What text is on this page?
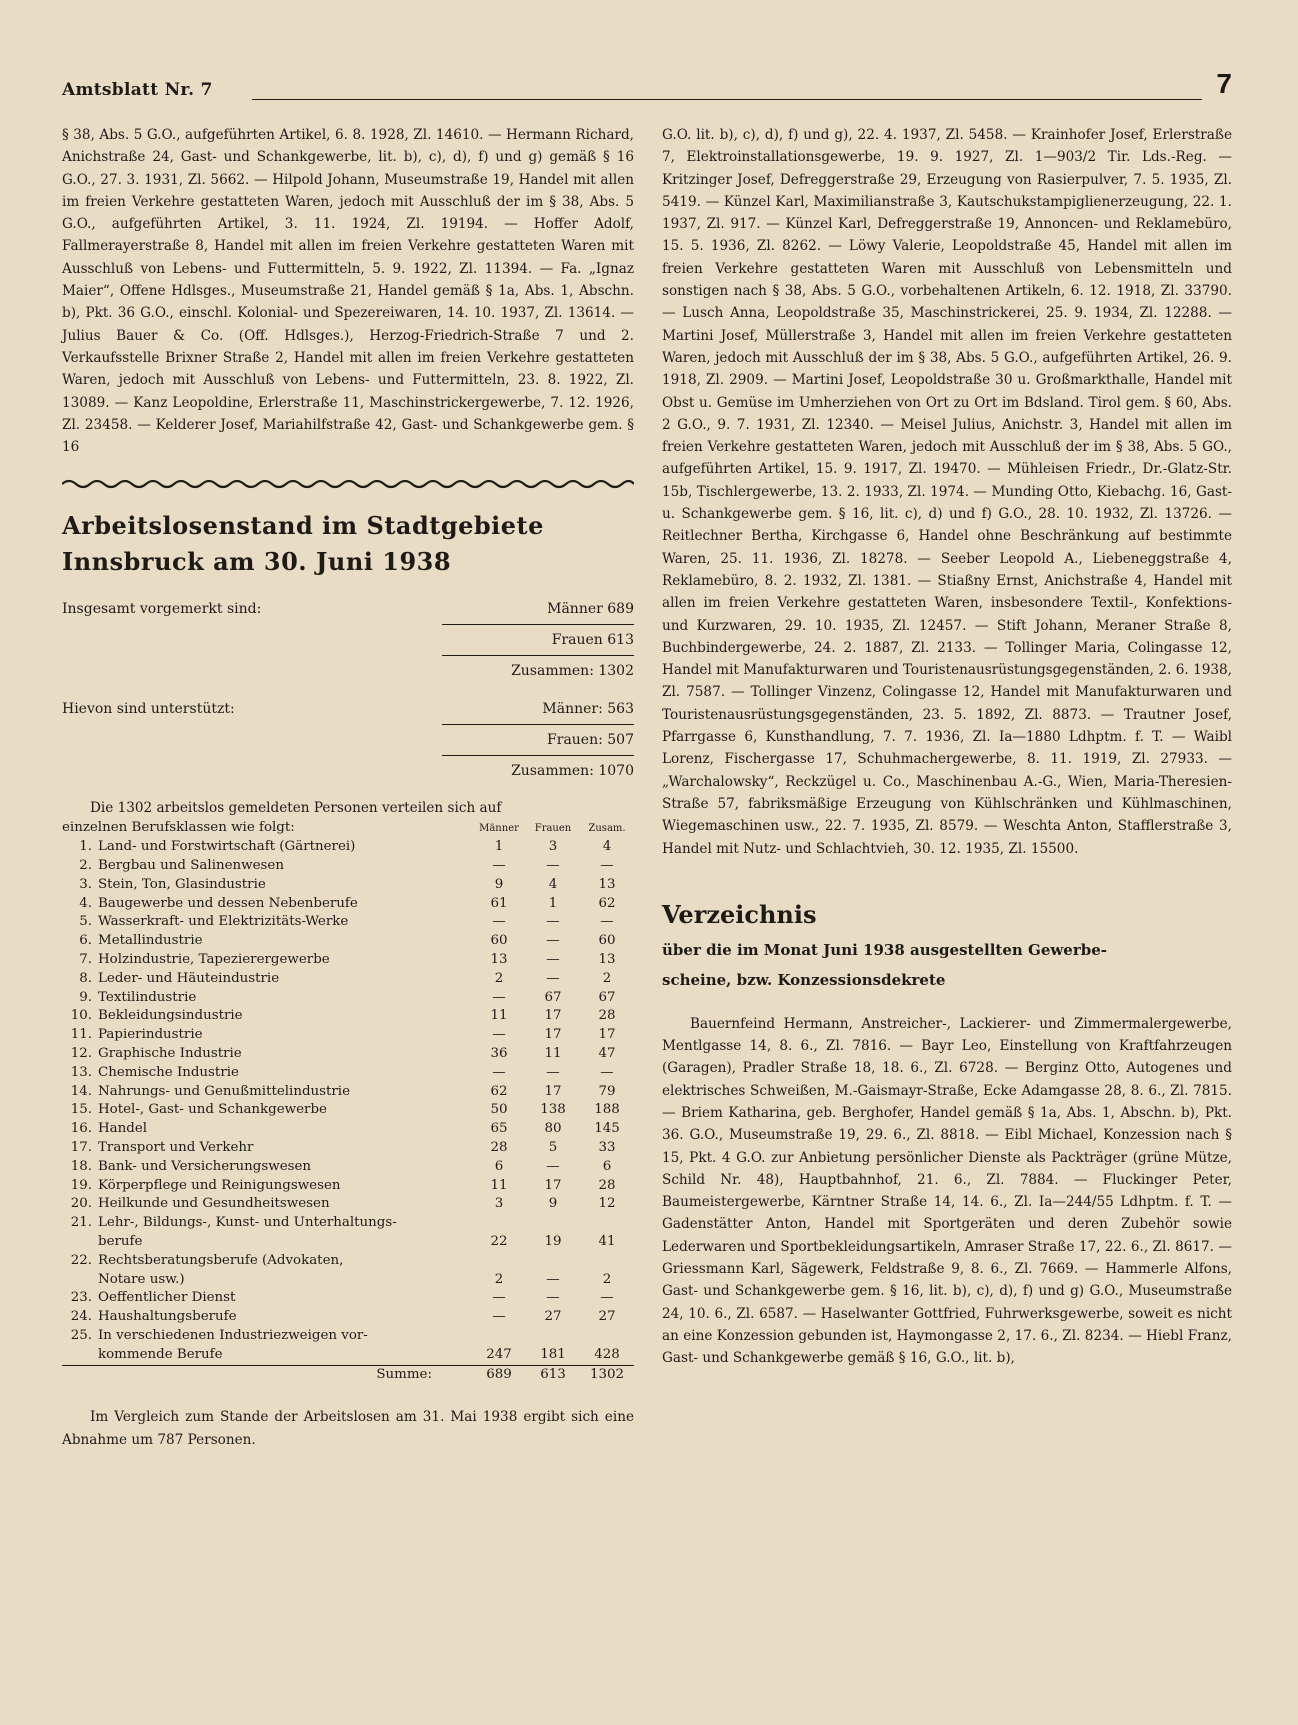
Amtsblatt Nr. 7	7

§ 38, Abs. 5 G.O., aufgeführten Artikel, 6. 8. 1928, Zl. 14610. — Hermann Richard, Anichstraße 24, Gast- und Schankgewerbe, lit. b), c), d), f) und g) gemäß § 16 G.O., 27. 3. 1931, Zl. 5662. — Hilpold Johann, Museumstraße 19, Handel mit allen im freien Verkehre gestatteten Waren, jedoch mit Ausschluß der im § 38, Abs. 5 G.O., aufgeführten Artikel, 3. 11. 1924, Zl. 19194. — Hoffer Adolf, Fallmerayerstraße 8, Handel mit allen im freien Verkehre gestatteten Waren mit Ausschluß von Lebens- und Futtermitteln, 5. 9. 1922, Zl. 11394. — Fa. „Ignaz Maier“, Offene Hdlsges., Museumstraße 21, Handel gemäß § 1a, Abs. 1, Abschn. b), Pkt. 36 G.O., einschl. Kolonial- und Spezereiwaren, 14. 10. 1937, Zl. 13614. — Julius Bauer & Co. (Off. Hdlsges.), Herzog-Friedrich-Straße 7 und 2. Verkaufsstelle Brixner Straße 2, Handel mit allen im freien Verkehre gestatteten Waren, jedoch mit Ausschluß von Lebens- und Futtermitteln, 23. 8. 1922, Zl. 13089. — Kanz Leopoldine, Erlerstraße 11, Maschinstrickergewerbe, 7. 12. 1926, Zl. 23458. — Kelderer Josef, Mariahilfstraße 42, Gast- und Schankgewerbe gem. § 16

Arbeitslosenstand im Stadtgebiete

Innsbruck am 30. Juni 1938

Insgesamt vorgemerkt sind:	Männer 689
Frauen 613
Zusammen: 1302
Hievon sind unterstützt:	Männer: 563
Frauen: 507
Zusammen: 1070

Die 1302 arbeitslos gemeldeten Personen verteilen sich auf

einzelnen Berufsklassen wie folgt:		Männer	Frauen	Zusam.
1.	Land- und Forstwirtschaft (Gärtnerei)	1	3	4
2.	Bergbau und Salinenwesen	—	—	—
3.	Stein, Ton, Glasindustrie	9	4	13
4.	Baugewerbe und dessen Nebenberufe	61	1	62
5.	Wasserkraft- und Elektrizitäts-Werke	—	—	—
6.	Metallindustrie	60	—	60
7.	Holzindustrie, Tapezierergewerbe	13	—	13
8.	Leder- und Häuteindustrie	2	—	2
9.	Textilindustrie	—	67	67
10.	Bekleidungsindustrie	11	17	28
11.	Papierindustrie	—	17	17
12.	Graphische Industrie	36	11	47
13.	Chemische Industrie	—	—	—
14.	Nahrungs- und Genußmittelindustrie	62	17	79
15.	Hotel-, Gast- und Schankgewerbe	50	138	188
16.	Handel	65	80	145
17.	Transport und Verkehr	28	5	33
18.	Bank- und Versicherungswesen	6	—	6
19.	Körperpflege und Reinigungswesen	11	17	28
20.	Heilkunde und Gesundheitswesen	3	9	12
21.	Lehr-, Bildungs-, Kunst- und Unterhaltungs-			
	berufe	22	19	41
22.	Rechtsberatungsberufe (Advokaten,			
	Notare usw.)	2	—	2
23.	Oeffentlicher Dienst	—	—	—
24.	Haushaltungsberufe	—	27	27
25.	In verschiedenen Industriezweigen vor-			
	kommende Berufe	247	181	428
	Summe:	689	613	1302

Im Vergleich zum Stande der Arbeitslosen am 31. Mai 1938 ergibt sich eine Abnahme um 787 Personen.

G.O. lit. b), c), d), f) und g), 22. 4. 1937, Zl. 5458. — Krainhofer Josef, Erlerstraße 7, Elektroinstallationsgewerbe, 19. 9. 1927, Zl. 1—903/2 Tir. Lds.-Reg. — Kritzinger Josef, Defreggerstraße 29, Erzeugung von Rasierpulver, 7. 5. 1935, Zl. 5419. — Künzel Karl, Maximilianstraße 3, Kautschukstampiglienerzeugung, 22. 1. 1937, Zl. 917. — Künzel Karl, Defreggerstraße 19, Annoncen- und Reklamebüro, 15. 5. 1936, Zl. 8262. — Löwy Valerie, Leopoldstraße 45, Handel mit allen im freien Verkehre gestatteten Waren mit Ausschluß von Lebensmitteln und sonstigen nach § 38, Abs. 5 G.O., vorbehaltenen Artikeln, 6. 12. 1918, Zl. 33790. — Lusch Anna, Leopoldstraße 35, Maschinstrickerei, 25. 9. 1934, Zl. 12288. — Martini Josef, Müllerstraße 3, Handel mit allen im freien Verkehre gestatteten Waren, jedoch mit Ausschluß der im § 38, Abs. 5 G.O., aufgeführten Artikel, 26. 9. 1918, Zl. 2909. — Martini Josef, Leopoldstraße 30 u. Großmarkthalle, Handel mit Obst u. Gemüse im Umherziehen von Ort zu Ort im Bdsland. Tirol gem. § 60, Abs. 2 G.O., 9. 7. 1931, Zl. 12340. — Meisel Julius, Anichstr. 3, Handel mit allen im freien Verkehre gestatteten Waren, jedoch mit Ausschluß der im § 38, Abs. 5 GO., aufgeführten Artikel, 15. 9. 1917, Zl. 19470. — Mühleisen Friedr., Dr.-Glatz-Str. 15b, Tischlergewerbe, 13. 2. 1933, Zl. 1974. — Munding Otto, Kiebachg. 16, Gast- u. Schankgewerbe gem. § 16, lit. c), d) und f) G.O., 28. 10. 1932, Zl. 13726. — Reitlechner Bertha, Kirchgasse 6, Handel ohne Beschränkung auf bestimmte Waren, 25. 11. 1936, Zl. 18278. — Seeber Leopold A., Liebeneggstraße 4, Reklamebüro, 8. 2. 1932, Zl. 1381. — Stiaßny Ernst, Anichstraße 4, Handel mit allen im freien Verkehre gestatteten Waren, insbesondere Textil-, Konfektions- und Kurzwaren, 29. 10. 1935, Zl. 12457. — Stift Johann, Meraner Straße 8, Buchbindergewerbe, 24. 2. 1887, Zl. 2133. — Tollinger Maria, Colingasse 12, Handel mit Manufakturwaren und Touristenausrüstungsgegenständen, 2. 6. 1938, Zl. 7587. — Tollinger Vinzenz, Colingasse 12, Handel mit Manufakturwaren und Touristenausrüstungsgegenständen, 23. 5. 1892, Zl. 8873. — Trautner Josef, Pfarrgasse 6, Kunsthandlung, 7. 7. 1936, Zl. Ia—1880 Ldhptm. f. T. — Waibl Lorenz, Fischergasse 17, Schuhmachergewerbe, 8. 11. 1919, Zl. 27933. — „Warchalowsky“, Reckzügel u. Co., Maschinenbau A.-G., Wien, Maria-Theresien-Straße 57, fabriksmäßige Erzeugung von Kühlschränken und Kühlmaschinen, Wiegemaschinen usw., 22. 7. 1935, Zl. 8579. — Weschta Anton, Stafflerstraße 3, Handel mit Nutz- und Schlachtvieh, 30. 12. 1935, Zl. 15500.

Verzeichnis

über die im Monat Juni 1938 ausgestellten Gewerbe-
scheine, bzw. Konzessionsdekrete

Bauernfeind Hermann, Anstreicher-, Lackierer- und Zimmermalergewerbe, Mentlgasse 14, 8. 6., Zl. 7816. — Bayr Leo, Einstellung von Kraftfahrzeugen (Garagen), Pradler Straße 18, 18. 6., Zl. 6728. — Berginz Otto, Autogenes und elektrisches Schweißen, M.-Gaismayr-Straße, Ecke Adamgasse 28, 8. 6., Zl. 7815. — Briem Katharina, geb. Berghofer, Handel gemäß § 1a, Abs. 1, Abschn. b), Pkt. 36. G.O., Museumstraße 19, 29. 6., Zl. 8818. — Eibl Michael, Konzession nach § 15, Pkt. 4 G.O. zur Anbietung persönlicher Dienste als Packträger (grüne Mütze, Schild Nr. 48), Hauptbahnhof, 21. 6., Zl. 7884. — Fluckinger Peter, Baumeistergewerbe, Kärntner Straße 14, 14. 6., Zl. Ia—244/55 Ldhptm. f. T. — Gadenstätter Anton, Handel mit Sportgeräten und deren Zubehör sowie Lederwaren und Sportbekleidungsartikeln, Amraser Straße 17, 22. 6., Zl. 8617. — Griessmann Karl, Sägewerk, Feldstraße 9, 8. 6., Zl. 7669. — Hammerle Alfons, Gast- und Schankgewerbe gem. § 16, lit. b), c), d), f) und g) G.O., Museumstraße 24, 10. 6., Zl. 6587. — Haselwanter Gottfried, Fuhrwerksgewerbe, soweit es nicht an eine Konzession gebunden ist, Haymongasse 2, 17. 6., Zl. 8234. — Hiebl Franz, Gast- und Schankgewerbe gemäß § 16, G.O., lit. b),
